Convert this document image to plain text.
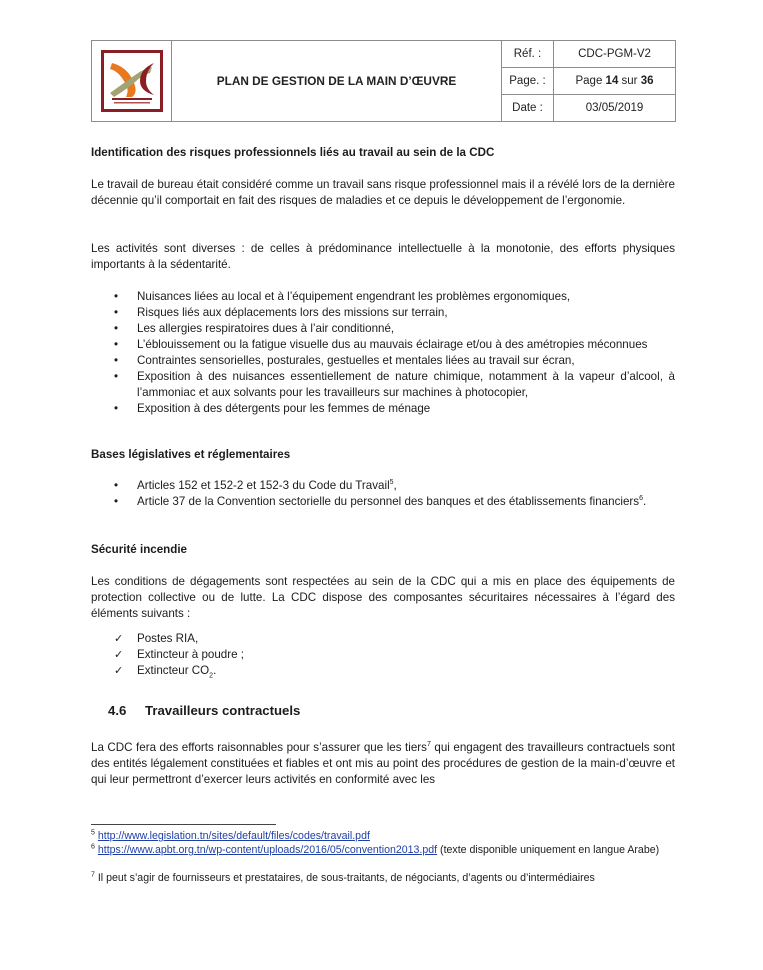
	PLAN DE GESTION DE LA MAIN D’ŒUVRE	Réf. :	CDC-PGM-V2
		Page. :	Page 14 sur 36
		Date :	03/05/2019
Identification des risques professionnels liés au travail au sein de la CDC
Le travail de bureau était considéré comme un travail sans risque professionnel mais il a révélé lors de la dernière décennie qu’il comportait en fait des risques de maladies et ce depuis le développement de l’ergonomie.
Les activités sont diverses : de celles à prédominance intellectuelle à la monotonie, des efforts physiques importants à la sédentarité.
• Nuisances liées au local et à l’équipement engendrant les problèmes ergonomiques,
• Risques liés aux déplacements lors des missions sur terrain,
• Les allergies respiratoires dues à l’air conditionné,
• L’éblouissement ou la fatigue visuelle dus au mauvais éclairage et/ou à des amétropies méconnues
• Contraintes sensorielles, posturales, gestuelles et mentales liées au travail sur écran,
• Exposition à des nuisances essentiellement de nature chimique, notamment à la vapeur d’alcool, à l’ammoniac et aux solvants pour les travailleurs sur machines à photocopier,
• Exposition à des détergents pour les femmes de ménage
Bases législatives et réglementaires
• Articles 152 et 152-2 et 152-3 du Code du Travail$^5$,
• Article 37 de la Convention sectorielle du personnel des banques et des établissements financiers$^6$.
Sécurité incendie
Les conditions de dégagements sont respectées au sein de la CDC qui a mis en place des équipements de protection collective ou de lutte. La CDC dispose des composantes sécuritaires nécessaires à l’égard des éléments suivants :
✓ Postes RIA,
✓ Extincteur à poudre ;
✓ Extincteur $CO_2$.
4.6 Travailleurs contractuels
La CDC fera des efforts raisonnables pour s’assurer que les tiers$^7$ qui engagent des travailleurs contractuels sont des entités légalement constituées et fiables et ont mis au point des procédures de gestion de la main-d’œuvre et qui leur permettront d’exercer leurs activités en conformité avec les
$^5$ http://www.legislation.tn/sites/default/files/codes/travail.pdf
$^6$ https://www.apbt.org.tn/wp-content/uploads/2016/05/convention2013.pdf (texte disponible uniquement en langue Arabe)
$^7$ Il peut s’agir de fournisseurs et prestataires, de sous-traitants, de négociants, d’agents ou d’intermédiaires
